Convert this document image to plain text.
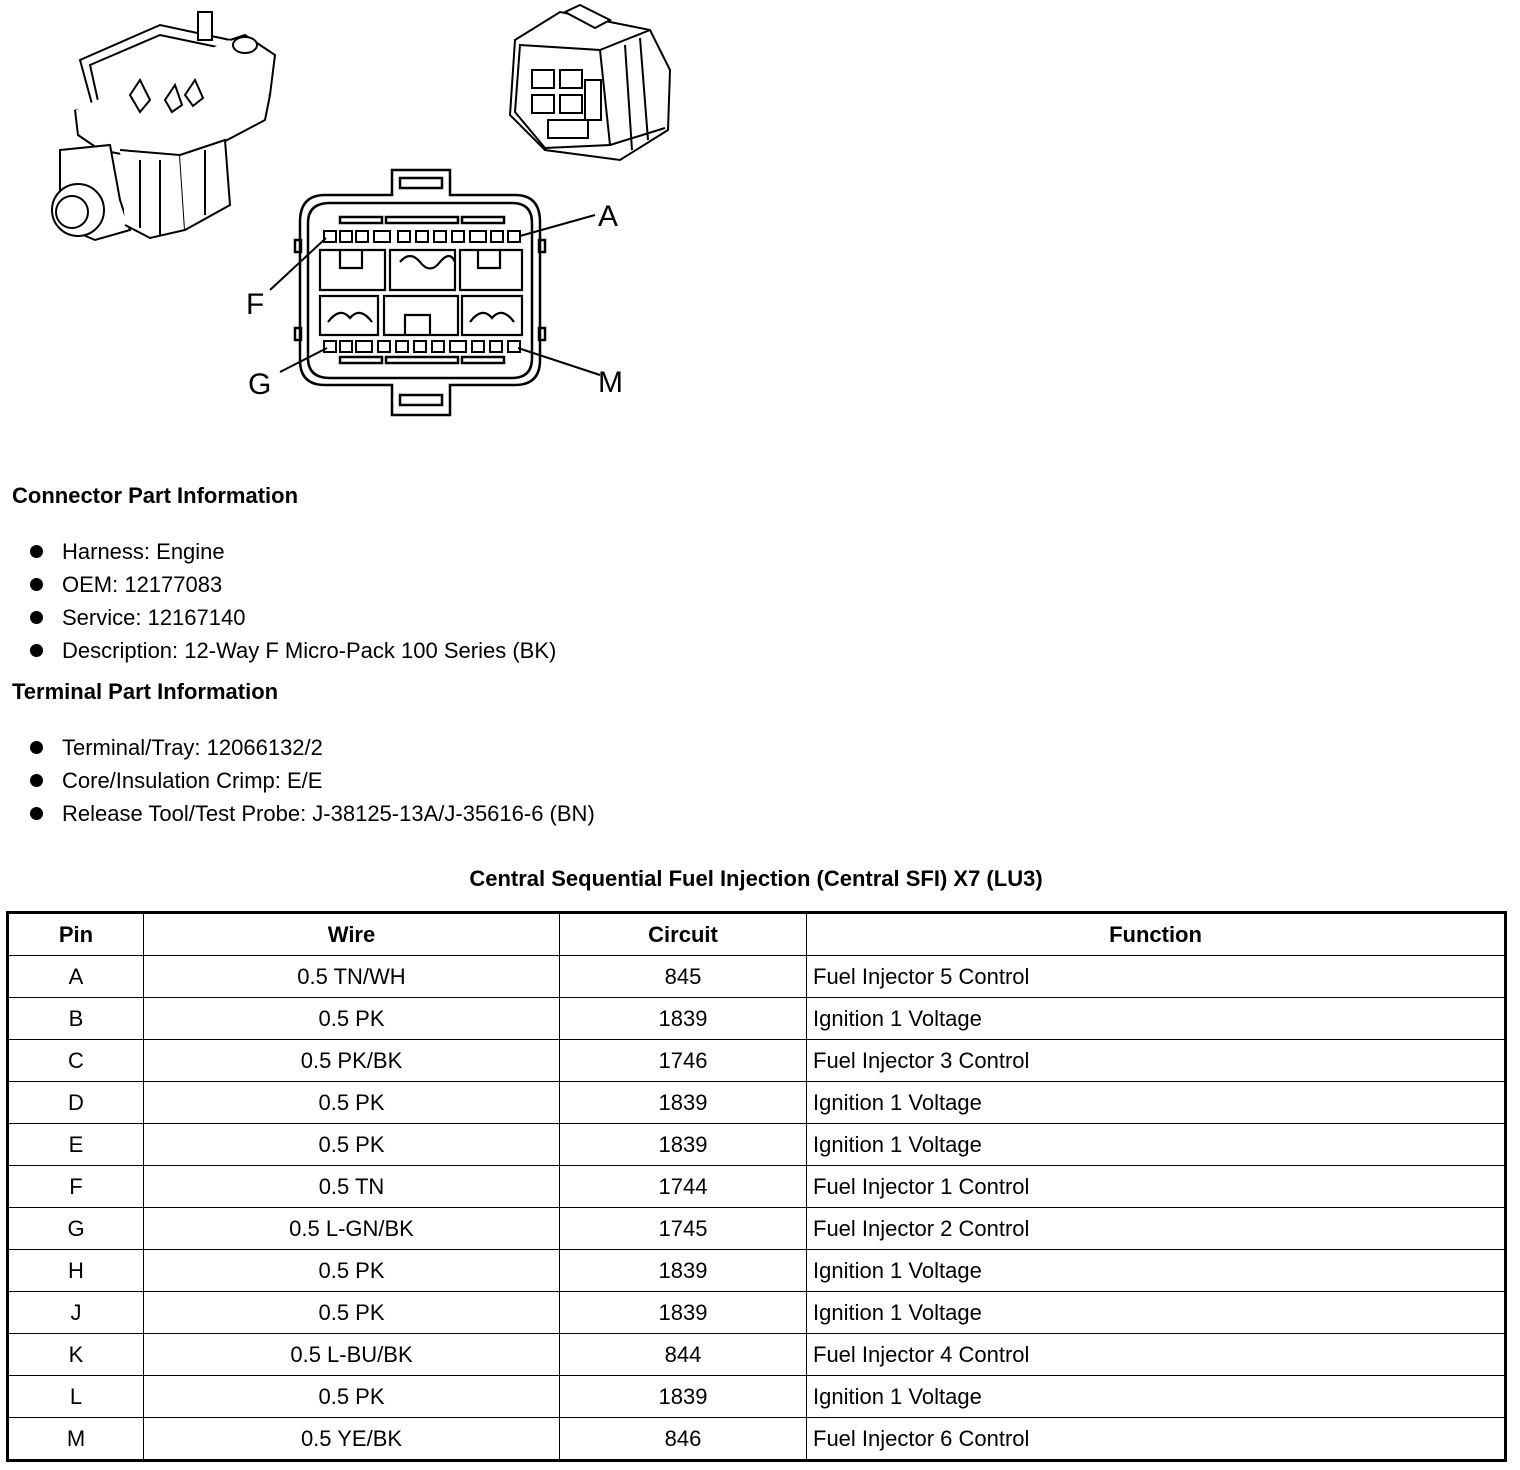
A
F
G	M
Connector Part Information
Harness: Engine
OEM: 12177083
Service: 12167140
Description: 12-Way F Micro-Pack 100 Series (BK)
Terminal Part Information
Terminal/Tray: 12066132/2
Core/Insulation Crimp: E/E
Release Tool/Test Probe: J-38125-13A/J-35616-6 (BN)
Central Sequential Fuel Injection (Central SFI) X7 (LU3)
Pin	Wire	Circuit	Function
A	0.5 TN/WH	845	Fuel Injector 5 Control
B	0.5 PK	1839	Ignition 1 Voltage
C	0.5 PK/BK	1746	Fuel Injector 3 Control
D	0.5 PK	1839	Ignition 1 Voltage
E	0.5 PK	1839	Ignition 1 Voltage
F	0.5 TN	1744	Fuel Injector 1 Control
G	0.5 L-GN/BK	1745	Fuel Injector 2 Control
H	0.5 PK	1839	Ignition 1 Voltage
J	0.5 PK	1839	Ignition 1 Voltage
K	0.5 L-BU/BK	844	Fuel Injector 4 Control
L	0.5 PK	1839	Ignition 1 Voltage
M	0.5 YE/BK	846	Fuel Injector 6 Control
